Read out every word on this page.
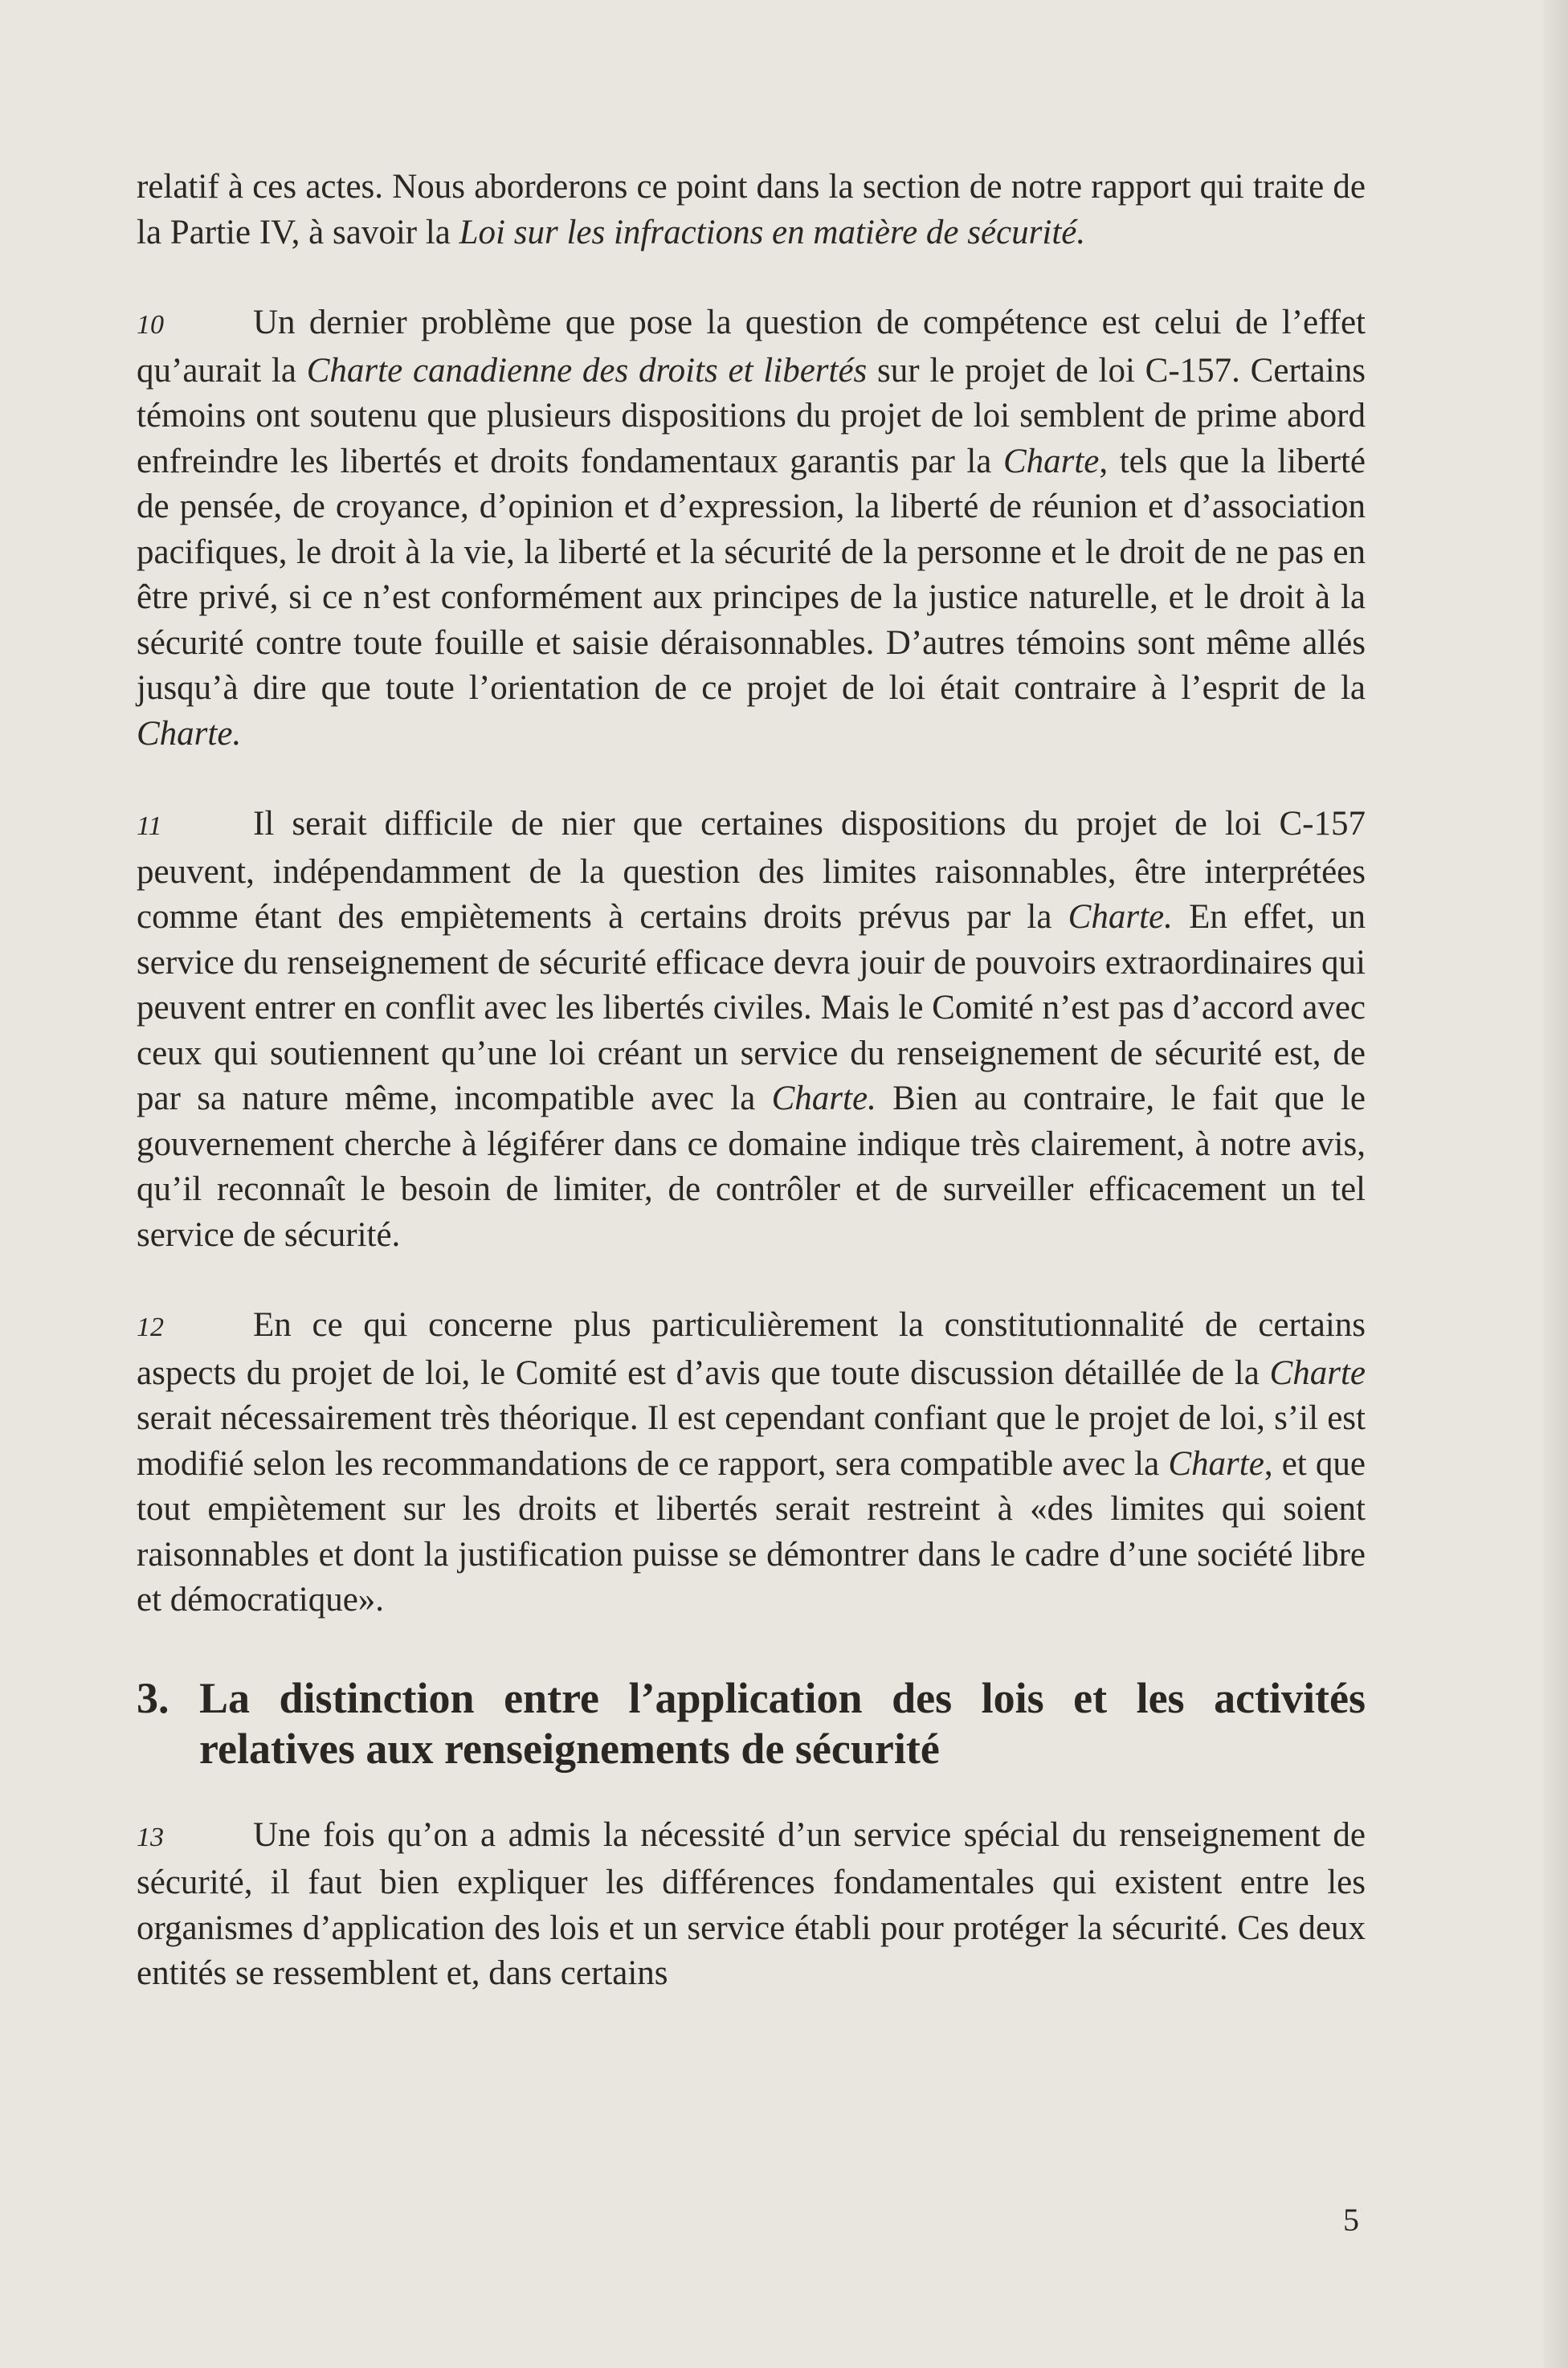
relatif à ces actes. Nous aborderons ce point dans la section de notre rapport qui traite de la Partie IV, à savoir la Loi sur les infractions en matière de sécurité.

10	Un dernier problème que pose la question de compétence est celui de l’effet qu’aurait la Charte canadienne des droits et libertés sur le projet de loi C-157. Certains témoins ont soutenu que plusieurs dispositions du projet de loi semblent de prime abord enfreindre les libertés et droits fondamentaux garantis par la Charte, tels que la liberté de pensée, de croyance, d’opinion et d’expression, la liberté de réunion et d’association pacifiques, le droit à la vie, la liberté et la sécurité de la personne et le droit de ne pas en être privé, si ce n’est conformément aux principes de la justice naturelle, et le droit à la sécurité contre toute fouille et saisie déraisonnables. D’autres témoins sont même allés jusqu’à dire que toute l’orientation de ce projet de loi était contraire à l’esprit de la Charte.

11	Il serait difficile de nier que certaines dispositions du projet de loi C-157 peuvent, indépendamment de la question des limites raisonnables, être interprétées comme étant des empiètements à certains droits prévus par la Charte. En effet, un service du renseignement de sécurité efficace devra jouir de pouvoirs extraordinaires qui peuvent entrer en conflit avec les libertés civiles. Mais le Comité n’est pas d’accord avec ceux qui soutiennent qu’une loi créant un service du renseignement de sécurité est, de par sa nature même, incompatible avec la Charte. Bien au contraire, le fait que le gouvernement cherche à légiférer dans ce domaine indique très clairement, à notre avis, qu’il reconnaît le besoin de limiter, de contrôler et de surveiller efficacement un tel service de sécurité.

12	En ce qui concerne plus particulièrement la constitutionnalité de certains aspects du projet de loi, le Comité est d’avis que toute discussion détaillée de la Charte serait nécessairement très théorique. Il est cependant confiant que le projet de loi, s’il est modifié selon les recommandations de ce rapport, sera compatible avec la Charte, et que tout empiètement sur les droits et libertés serait restreint à «des limites qui soient raisonnables et dont la justification puisse se démontrer dans le cadre d’une société libre et démocratique».

3. La distinction entre l’application des lois et les activités relatives aux renseignements de sécurité

13	Une fois qu’on a admis la nécessité d’un service spécial du renseignement de sécurité, il faut bien expliquer les différences fondamentales qui existent entre les organismes d’application des lois et un service établi pour protéger la sécurité. Ces deux entités se ressemblent et, dans certains

5
